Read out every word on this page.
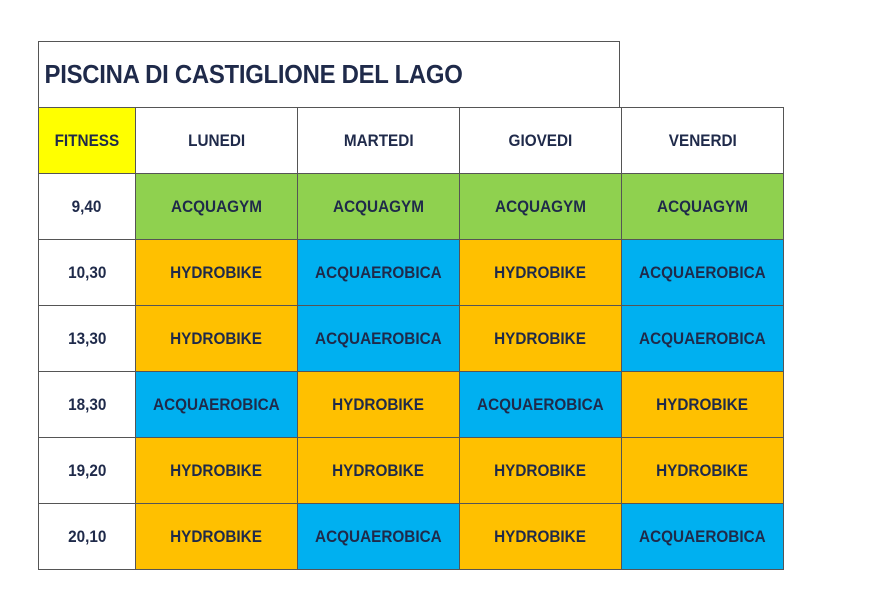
PISCINA DI CASTIGLIONE DEL LAGO
FITNESS	LUNEDI	MARTEDI	GIOVEDI	VENERDI
9,40	ACQUAGYM	ACQUAGYM	ACQUAGYM	ACQUAGYM
10,30	HYDROBIKE	ACQUAEROBICA	HYDROBIKE	ACQUAEROBICA
13,30	HYDROBIKE	ACQUAEROBICA	HYDROBIKE	ACQUAEROBICA
18,30	ACQUAEROBICA	HYDROBIKE	ACQUAEROBICA	HYDROBIKE
19,20	HYDROBIKE	HYDROBIKE	HYDROBIKE	HYDROBIKE
20,10	HYDROBIKE	ACQUAEROBICA	HYDROBIKE	ACQUAEROBICA
